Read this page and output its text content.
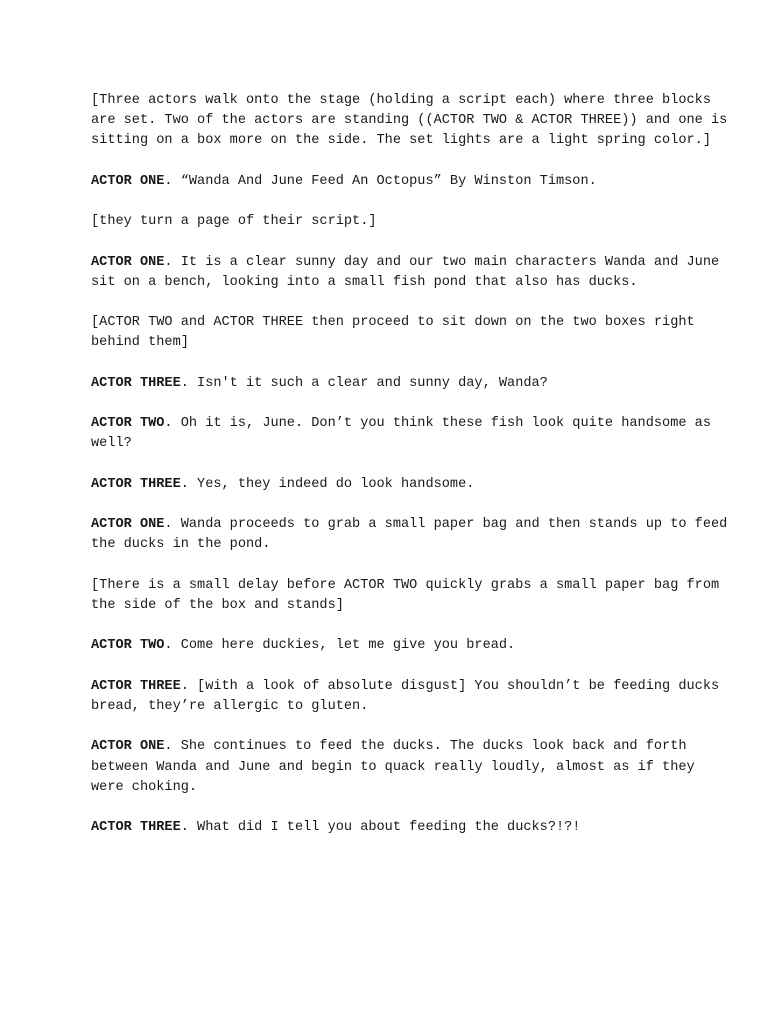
[Three actors walk onto the stage (holding a script each) where three blocks are set. Two of the actors are standing ((ACTOR TWO & ACTOR THREE)) and one is sitting on a box more on the side. The set lights are a light spring color.]

ACTOR ONE. “Wanda And June Feed An Octopus” By Winston Timson.

[they turn a page of their script.]

ACTOR ONE. It is a clear sunny day and our two main characters Wanda and June sit on a bench, looking into a small fish pond that also has ducks.

[ACTOR TWO and ACTOR THREE then proceed to sit down on the two boxes right behind them]

ACTOR THREE. Isn't it such a clear and sunny day, Wanda?

ACTOR TWO. Oh it is, June. Don’t you think these fish look quite handsome as well?

ACTOR THREE. Yes, they indeed do look handsome.

ACTOR ONE. Wanda proceeds to grab a small paper bag and then stands up to feed the ducks in the pond.

[There is a small delay before ACTOR TWO quickly grabs a small paper bag from the side of the box and stands]

ACTOR TWO. Come here duckies, let me give you bread.

ACTOR THREE. [with a look of absolute disgust] You shouldn’t be feeding ducks bread, they’re allergic to gluten.

ACTOR ONE. She continues to feed the ducks. The ducks look back and forth between Wanda and June and begin to quack really loudly, almost as if they were choking.

ACTOR THREE. What did I tell you about feeding the ducks?!?!
